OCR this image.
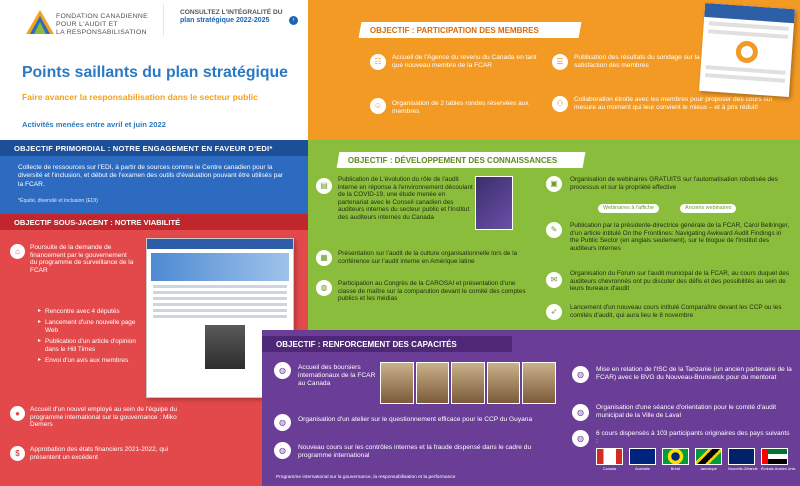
FONDATION CANADIENNE
POUR L'AUDIT ET
LA RESPONSABILISATION
CONSULTEZ L'INTÉGRALITÉ DU
plan stratégique 2022-2025	›
Points saillants du plan stratégique
Faire avancer la responsabilisation dans le secteur public
Activités menées entre avril et juin 2022
OBJECTIF PRIMORDIAL : NOTRE ENGAGEMENT EN FAVEUR D'EDI*
Collecte de ressources sur l'EDI, à partir de sources comme le Centre canadien pour la diversité et l'inclusion, et début de l'examen des outils d'évaluation pouvant être utilisés par la FCAR.
*Équité, diversité et inclusion (EDI)
OBJECTIF SOUS-JACENT : NOTRE VIABILITÉ
⌂	Poursuite de la demande de financement par le gouvernement du programme de surveillance de la FCAR
▸ Rencontre avec 4 députés
▸ Lancement d'une nouvelle page Web
▸ Publication d'un article d'opinion dans le Hill Times
▸ Envoi d'un avis aux membres
●	Accueil d'un nouvel employé au sein de l'équipe du programme international sur la gouvernance : Miko Demers
$	Approbation des états financiers 2021-2022, qui présentent un excédent
OBJECTIF : PARTICIPATION DES MEMBRES
☷	Accueil de l'Agence du revenu du Canada en tant que nouveau membre de la FCAR
☺	Organisation de 2 tables rondes réservées aux membres
☰	Publication des résultats du sondage sur la satisfaction des membres
⚇	Collaboration étroite avec les membres pour proposer des cours sur mesure au moment qui leur convient le mieux – et à prix réduit!
OBJECTIF : DÉVELOPPEMENT DES CONNAISSANCES
▤
Publication de L'évolution du rôle de l'audit interne en réponse à l'environnement découlant de la COVID-19, une étude menée en partenariat avec le Conseil canadien des auditeurs internes du secteur public et l'Institut des auditeurs internes du Canada
▦	Présentation sur l'audit de la culture organisationnelle lors de la conférence sur l'audit interne en Amérique latine
◍	Participation au Congrès de la CAROSAI et présentation d'une classe de maître sur la comparution devant le comité des comptes publics et les médias
▣	Organisation de webinaires GRATUITS sur l'automatisation robotisée des processus et sur la propriété effective
Webinaires à l'affiche	Anciens webinaires
✎	Publication par la présidente-directrice générale de la FCAR, Carol Bellringer, d'un article intitulé On the Frontlines: Navigating Awkward Audit Findings in the Public Sector (en anglais seulement), sur le blogue de l'Institut des auditeurs internes
✉
Organisation du Forum sur l'audit municipal de la FCAR, au cours duquel des auditeurs chevronnés ont pu discuter des défis et des possibilités au sein de leurs bureaux d'audit
➶	Lancement d'un nouveau cours intitulé Comparaître devant les CCP ou les comités d'audit, qui aura lieu le 8 novembre
OBJECTIF : RENFORCEMENT DES CAPACITÉS
◍	Accueil des boursiers internationaux de la FCAR au Canada
◍	Organisation d'un atelier sur le questionnement efficace pour le CCP du Guyana
◍	Nouveau cours sur les contrôles internes et la fraude dispensé dans le cadre du programme international
◍
Mise en relation de l'ISC de la Tanzanie (un ancien partenaire de la FCAR) avec le BVG du Nouveau-Brunswick pour du mentorat
◍
Organisation d'une séance d'orientation pour le comité d'audit municipal de la Ville de Laval
◍
6 cours dispensés à 103 participants originaires des pays suivants :
Canada	Australie	Brésil	Jamaïque	Nouvelle-Zélande Émirats Arabes Unis
Programme international sur la gouvernance, la responsabilisation et la performance
